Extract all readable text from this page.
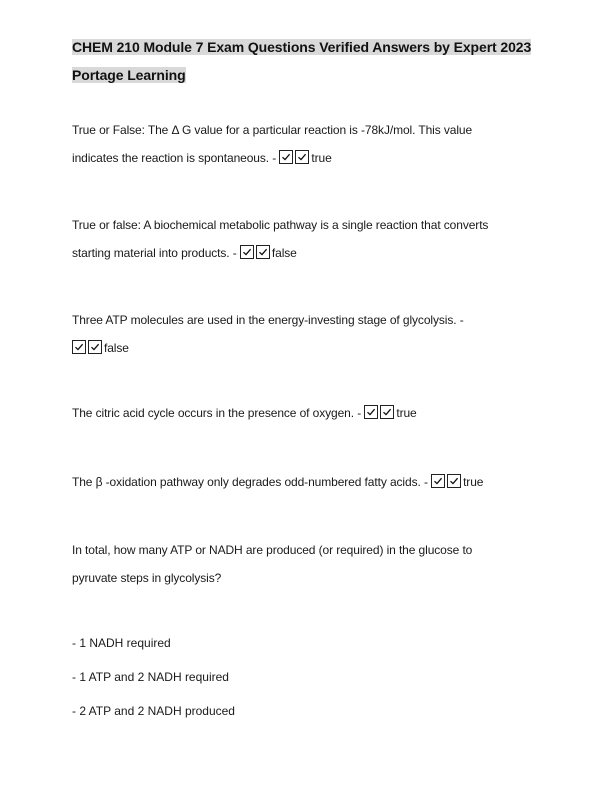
CHEM 210 Module 7 Exam Questions Verified Answers by Expert 2023
Portage Learning

True or False: The Δ G value for a particular reaction is -78kJ/mol. This value
indicates the reaction is spontaneous. -	true

True or false: A biochemical metabolic pathway is a single reaction that converts
starting material into products. -	false

Three ATP molecules are used in the energy-investing stage of glycolysis. -

false

The citric acid cycle occurs in the presence of oxygen. -	true

The β -oxidation pathway only degrades odd-numbered fatty acids. -	true

In total, how many ATP or NADH are produced (or required) in the glucose to
pyruvate steps in glycolysis?

- 1 NADH required

- 1 ATP and 2 NADH required

- 2 ATP and 2 NADH produced
